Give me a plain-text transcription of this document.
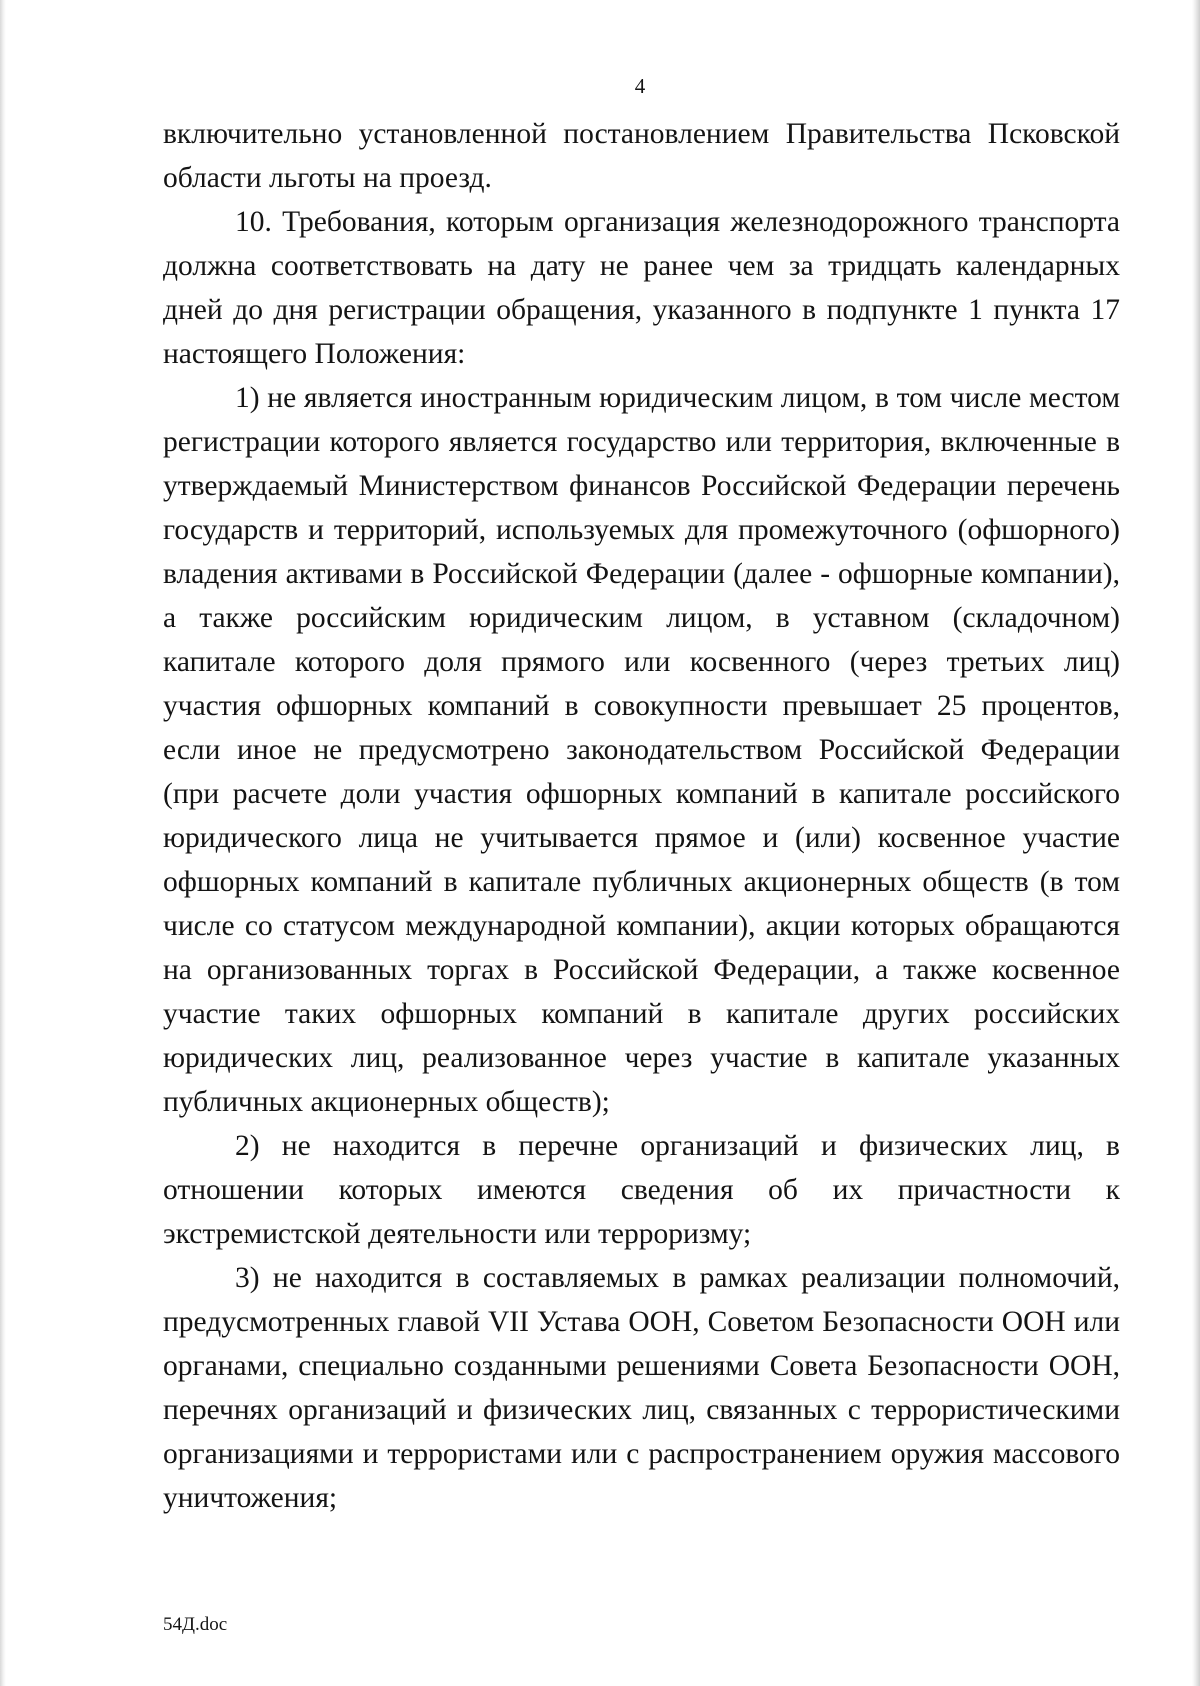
4

включительно установленной постановлением Правительства Псковской области льготы на проезд.

10. Требования, которым организация железнодорожного транспорта должна соответствовать на дату не ранее чем за тридцать календарных дней до дня регистрации обращения, указанного в подпункте 1 пункта 17 настоящего Положения:

1) не является иностранным юридическим лицом, в том числе местом регистрации которого является государство или территория, включенные в утверждаемый Министерством финансов Российской Федерации перечень государств и территорий, используемых для промежуточного (офшорного) владения активами в Российской Федерации (далее - офшорные компании), а также российским юридическим лицом, в уставном (складочном) капитале которого доля прямого или косвенного (через третьих лиц) участия офшорных компаний в совокупности превышает 25 процентов, если иное не предусмотрено законодательством Российской Федерации (при расчете доли участия офшорных компаний в капитале российского юридического лица не учитывается прямое и (или) косвенное участие офшорных компаний в капитале публичных акционерных обществ (в том числе со статусом международной компании), акции которых обращаются на организованных торгах в Российской Федерации, а также косвенное участие таких офшорных компаний в капитале других российских юридических лиц, реализованное через участие в капитале указанных публичных акционерных обществ);

2) не находится в перечне организаций и физических лиц, в отношении которых имеются сведения об их причастности к экстремистской деятельности или терроризму;

3) не находится в составляемых в рамках реализации полномочий, предусмотренных главой VII Устава ООН, Советом Безопасности ООН или органами, специально созданными решениями Совета Безопасности ООН, перечнях организаций и физических лиц, связанных с террористическими организациями и террористами или с распространением оружия массового уничтожения;

54Д.doc
